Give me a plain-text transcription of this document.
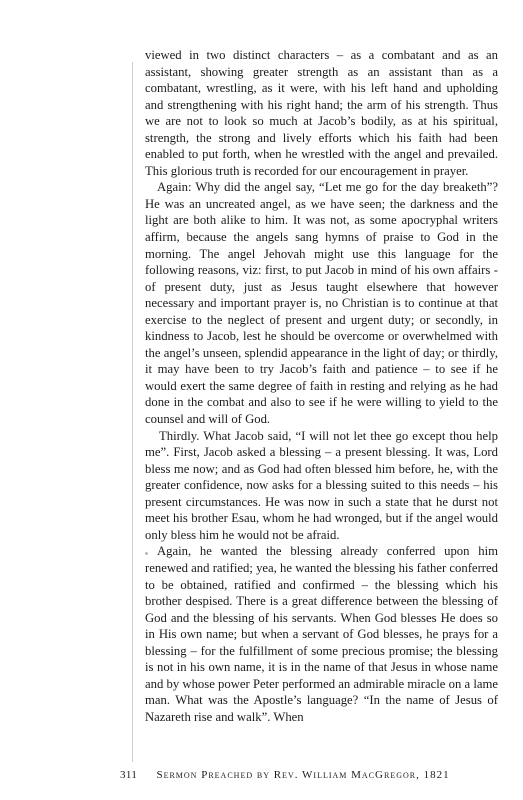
viewed in two distinct characters – as a combatant and as an assistant, showing greater strength as an assistant than as a combatant, wrestling, as it were, with his left hand and upholding and strengthening with his right hand; the arm of his strength. Thus we are not to look so much at Jacob’s bodily, as at his spiritual, strength, the strong and lively efforts which his faith had been enabled to put forth, when he wrestled with the angel and prevailed. This glorious truth is recorded for our encouragement in prayer.

Again: Why did the angel say, “Let me go for the day breaketh”? He was an uncreated angel, as we have seen; the darkness and the light are both alike to him. It was not, as some apocryphal writers affirm, because the angels sang hymns of praise to God in the morning. The angel Jehovah might use this language for the following reasons, viz: first, to put Jacob in mind of his own affairs - of present duty, just as Jesus taught elsewhere that however necessary and important prayer is, no Christian is to continue at that exercise to the neglect of present and urgent duty; or secondly, in kindness to Jacob, lest he should be overcome or overwhelmed with the angel’s unseen, splendid appearance in the light of day; or thirdly, it may have been to try Jacob’s faith and patience – to see if he would exert the same degree of faith in resting and relying as he had done in the combat and also to see if he were willing to yield to the counsel and will of God.

Thirdly. What Jacob said, “I will not let thee go except thou help me”. First, Jacob asked a blessing – a present blessing. It was, Lord bless me now; and as God had often blessed him before, he, with the greater confidence, now asks for a blessing suited to this needs – his present circumstances. He was now in such a state that he durst not meet his brother Esau, whom he had wronged, but if the angel would only bless him he would not be afraid.

Again, he wanted the blessing already conferred upon him renewed and ratified; yea, he wanted the blessing his father conferred to be obtained, ratified and confirmed – the blessing which his brother despised. There is a great difference between the blessing of God and the blessing of his servants. When God blesses He does so in His own name; but when a servant of God blesses, he prays for a blessing – for the fulfillment of some precious promise; the blessing is not in his own name, it is in the name of that Jesus in whose name and by whose power Peter performed an admirable miracle on a lame man. What was the Apostle’s language? “In the name of Jesus of Nazareth rise and walk”. When

311 Sermon Preached by Rev. William MacGregor, 1821
